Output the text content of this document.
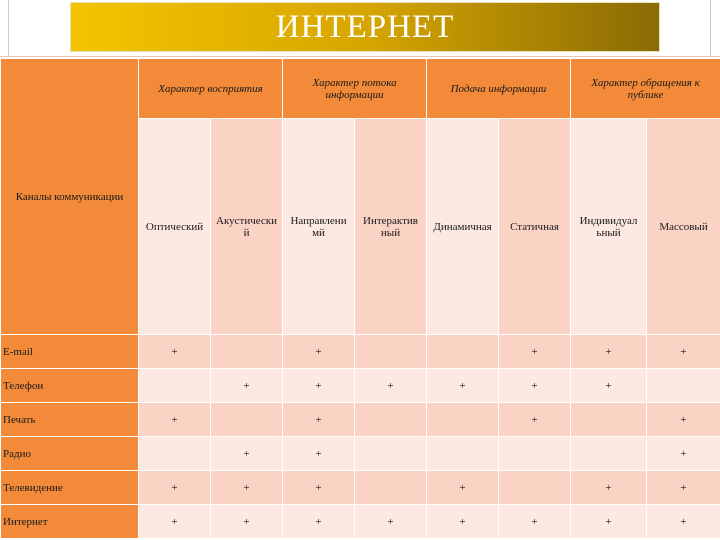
ИНТЕРНЕТ
Каналы коммуникации	Характер восприятия		Характер потока информации		Подача информации		Характер обращения к публике	
	Оптический	Акустически й	Направлени мй	Интерактив ный	Динамичная	Статичная	Индивидуал ьный	Массовый
E-mail	+		+			+	+	+
Телефон		+	+	+	+	+	+	
Печать	+		+			+		+
Радио		+	+					+
Телевидение	+	+	+		+		+	+
Интернет	+	+	+	+	+	+	+	+
